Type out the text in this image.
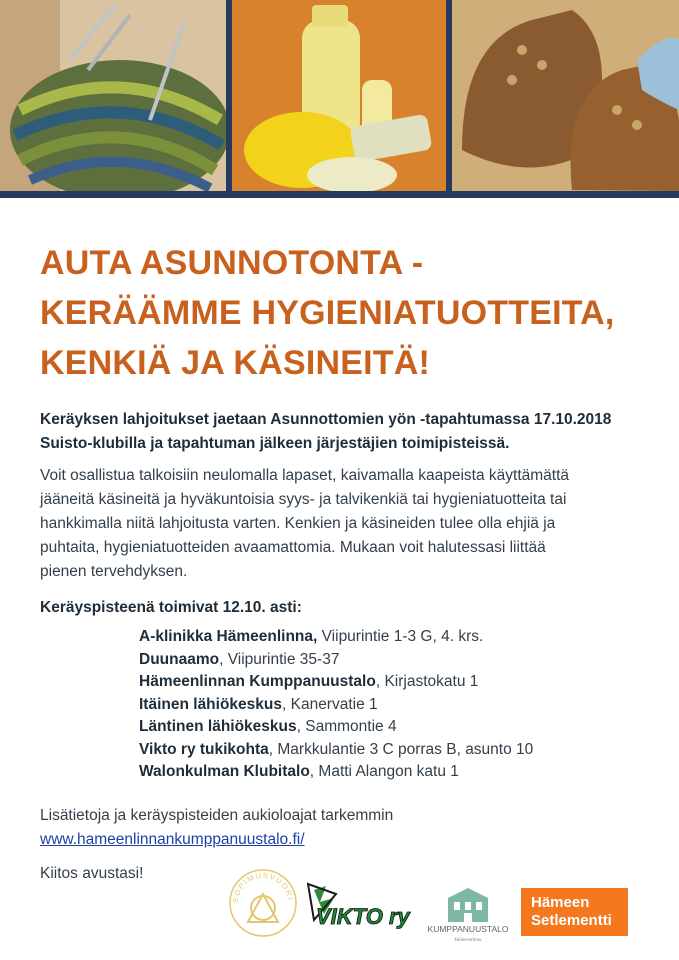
AUTA ASUNNOTONTA -
KERÄÄMME HYGIENIATUOTTEITA,
KENKIÄ JA KÄSINEITÄ!
Keräyksen lahjoitukset jaetaan Asunnottomien yön -tapahtumassa 17.10.2018
Suisto-klubilla ja tapahtuman jälkeen järjestäjien toimipisteissä.
Voit osallistua talkoisiin neulomalla lapaset, kaivamalla kaapeista käyttämättä
jääneitä käsineitä ja hyväkuntoisia syys- ja talvikenkiä tai hygieniatuotteita tai
hankkimalla niitä lahjoitusta varten. Kenkien ja käsineiden tulee olla ehjiä ja
puhtaita, hygieniatuotteiden avaamattomia. Mukaan voit halutessasi liittää
pienen tervehdyksen.
Keräyspisteenä toimivat 12.10. asti:
A-klinikka Hämeenlinna, Viipurintie 1-3 G, 4. krs.
Duunaamo, Viipurintie 35-37
Hämeenlinnan Kumppanuustalo, Kirjastokatu 1
Itäinen lähiökeskus, Kanervatie 1
Läntinen lähiökeskus, Sammontie 4
Vikto ry tukikohta, Markkulantie 3 C porras B, asunto 10
Walonkulman Klubitalo, Matti Alangon katu 1
Lisätietoja ja keräyspisteiden aukioloajat tarkemmin
www.hameenlinnankumppanuustalo.fi/
Kiitos avustasi!
SOPIMUSVUORI
VIKTO ry KUMPPANUUSTALO
Hämeenlinna
Hämeen
Setlementti
